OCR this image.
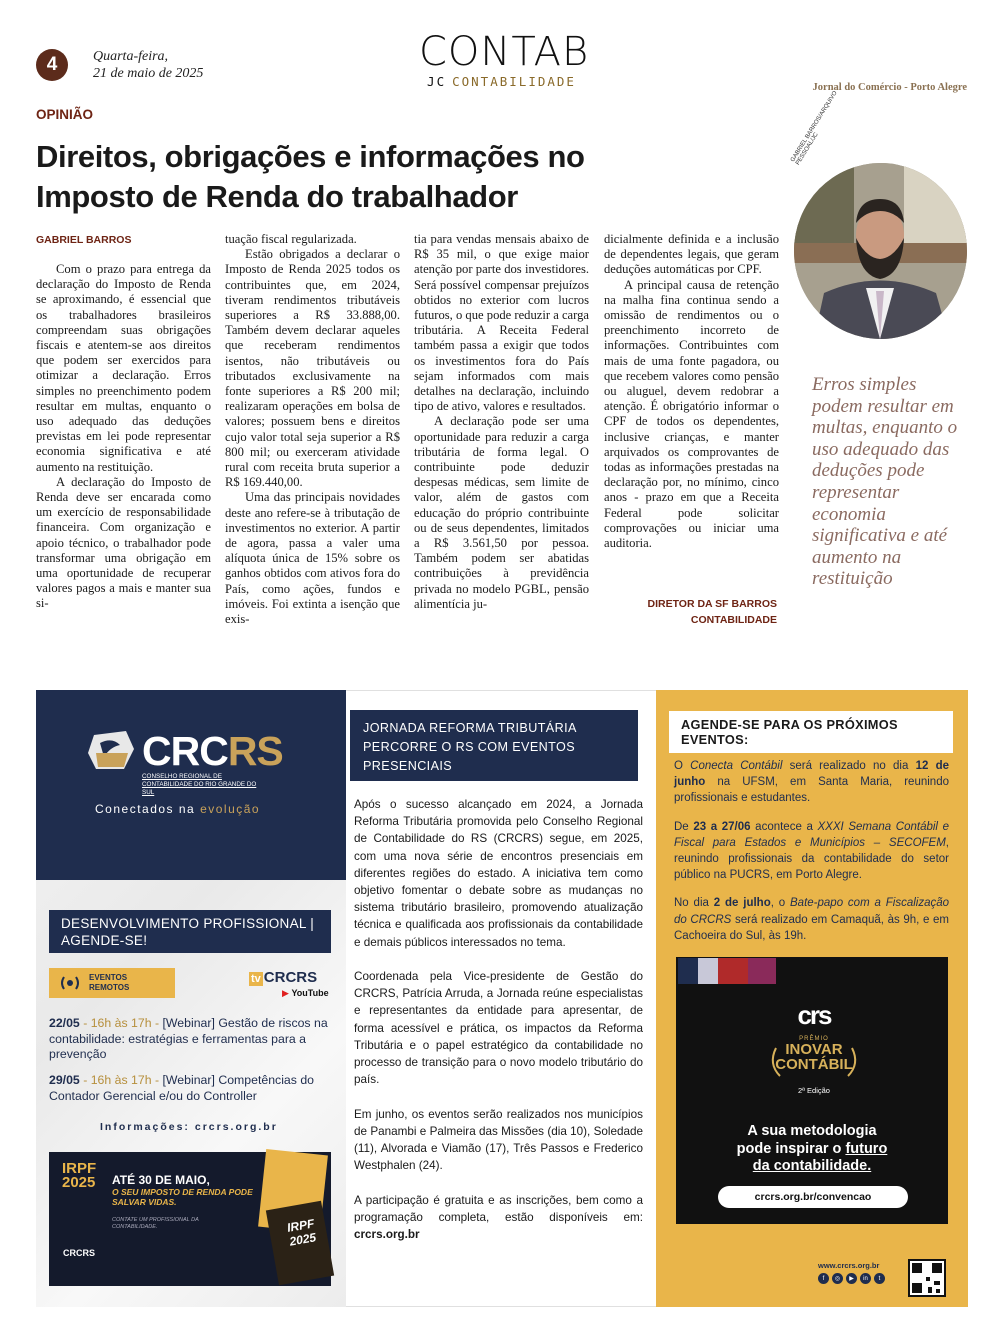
4	Quarta-feira,
21 de maio de 2025	CONTAB
JC CONTABILIDADE	Jornal do Comércio - Porto Alegre
OPINIÃO
Direitos, obrigações e informações no Imposto de Renda do trabalhador
GABRIEL BARROS

Com o prazo para entrega da declaração do Imposto de Renda se aproximando, é essencial que os trabalhadores brasileiros compreendam suas obrigações fiscais e atentem-se aos direitos que podem ser exercidos para otimizar a declaração. Erros simples no preenchimento podem resultar em multas, enquanto o uso adequado das deduções previstas em lei pode representar economia significativa e até aumento na restituição.

A declaração do Imposto de Renda deve ser encarada como um exercício de responsabilidade financeira. Com organização e apoio técnico, o trabalhador pode transformar uma obrigação em uma oportunidade de recuperar valores pagos a mais e manter sua si-

tuação fiscal regularizada.

Estão obrigados a declarar o Imposto de Renda 2025 todos os contribuintes que, em 2024, tiveram rendimentos tributáveis superiores a R$ 33.888,00. Também devem declarar aqueles que receberam rendimentos isentos, não tributáveis ou tributados exclusivamente na fonte superiores a R$ 200 mil; realizaram operações em bolsa de valores; possuem bens e direitos cujo valor total seja superior a R$ 800 mil; ou exerceram atividade rural com receita bruta superior a R$ 169.440,00.

Uma das principais novidades deste ano refere-se à tributação de investimentos no exterior. A partir de agora, passa a valer uma alíquota única de 15% sobre os ganhos obtidos com ativos fora do País, como ações, fundos e imóveis. Foi extinta a isenção que exis-

tia para vendas mensais abaixo de R$ 35 mil, o que exige maior atenção por parte dos investidores. Será possível compensar prejuízos obtidos no exterior com lucros futuros, o que pode reduzir a carga tributária. A Receita Federal também passa a exigir que todos os investimentos fora do País sejam informados com mais detalhes na declaração, incluindo tipo de ativo, valores e resultados.

A declaração pode ser uma oportunidade para reduzir a carga tributária de forma legal. O contribuinte pode deduzir despesas médicas, sem limite de valor, além de gastos com educação do próprio contribuinte ou de seus dependentes, limitados a R$ 3.561,50 por pessoa. Também podem ser abatidas contribuições à previdência privada no modelo PGBL, pensão alimentícia ju-

dicialmente definida e a inclusão de dependentes legais, que geram deduções automáticas por CPF.

A principal causa de retenção na malha fina continua sendo a omissão de rendimentos ou o preenchimento incorreto de informações. Contribuintes com mais de uma fonte pagadora, ou que recebem valores como pensão ou aluguel, devem redobrar a atenção. É obrigatório informar o CPF de todos os dependentes, inclusive crianças, e manter arquivados os comprovantes de todas as informações prestadas na declaração por, no mínimo, cinco anos - prazo em que a Receita Federal pode solicitar comprovações ou iniciar uma auditoria.

DIRETOR DA SF BARROS
CONTABILIDADE
GABRIEL BARROS/ARQUIVO PESSOAL/JC
Erros simples podem resultar em multas, enquanto o uso adequado das deduções pode representar economia significativa e até aumento na restituição
CRCRS
CONSELHO REGIONAL DE CONTABILIDADE DO RIO GRANDE DO SUL
Conectados na evolução
DESENVOLVIMENTO PROFISSIONAL | AGENDE-SE!
EVENTOS
REMOTOS
tv CRCRS
▶ YouTube
22/05 - 16h às 17h - [Webinar] Gestão de riscos na contabilidade: estratégias e ferramentas para a prevenção
29/05 - 16h às 17h - [Webinar] Competências do Contador Gerencial e/ou do Controller
Informações: crcrs.org.br
IRPF
2025 ATÉ 30 DE MAIO,
O SEU IMPOSTO DE RENDA PODE SALVAR VIDAS.
CONTATE UM PROFISSIONAL DA CONTABILIDADE.
CRCRS
IRPF 2025
JORNADA REFORMA TRIBUTÁRIA PERCORRE O RS COM EVENTOS PRESENCIAIS

Após o sucesso alcançado em 2024, a Jornada Reforma Tributária promovida pelo Conselho Regional de Contabilidade do RS (CRCRS) segue, em 2025, com uma nova série de encontros presenciais em diferentes regiões do estado. A iniciativa tem como objetivo fomentar o debate sobre as mudanças no sistema tributário brasileiro, promovendo atualização técnica e qualificada aos profissionais da contabilidade e demais públicos interessados no tema.

Coordenada pela Vice-presidente de Gestão do CRCRS, Patrícia Arruda, a Jornada reúne especialistas e representantes da entidade para apresentar, de forma acessível e prática, os impactos da Reforma Tributária e o papel estratégico da contabilidade no processo de transição para o novo modelo tributário do país.

Em junho, os eventos serão realizados nos municípios de Panambi e Palmeira das Missões (dia 10), Soledade (11), Alvorada e Viamão (17), Três Passos e Frederico Westphalen (24).

A participação é gratuita e as inscrições, bem como a programação completa, estão disponíveis em: crcrs.org.br

AGENDE-SE PARA OS PRÓXIMOS EVENTOS:

O Conecta Contábil será realizado no dia 12 de junho na UFSM, em Santa Maria, reunindo profissionais e estudantes.

De 23 a 27/06 acontece a XXXI Semana Contábil e Fiscal para Estados e Municípios – SECOFEM, reunindo profissionais da contabilidade do setor público na PUCRS, em Porto Alegre.

No dia 2 de julho, o Bate-papo com a Fiscalização do CRCRS será realizado em Camaquã, às 9h, e em Cachoeira do Sul, às 19h.

crs
PRÊMIO
INOVAR
CONTÁBIL
2ª Edição
A sua metodologia
pode inspirar o futuro
da contabilidade.
crcrs.org.br/convencao
www.crcrs.org.br
f	◎	▶	in	t
